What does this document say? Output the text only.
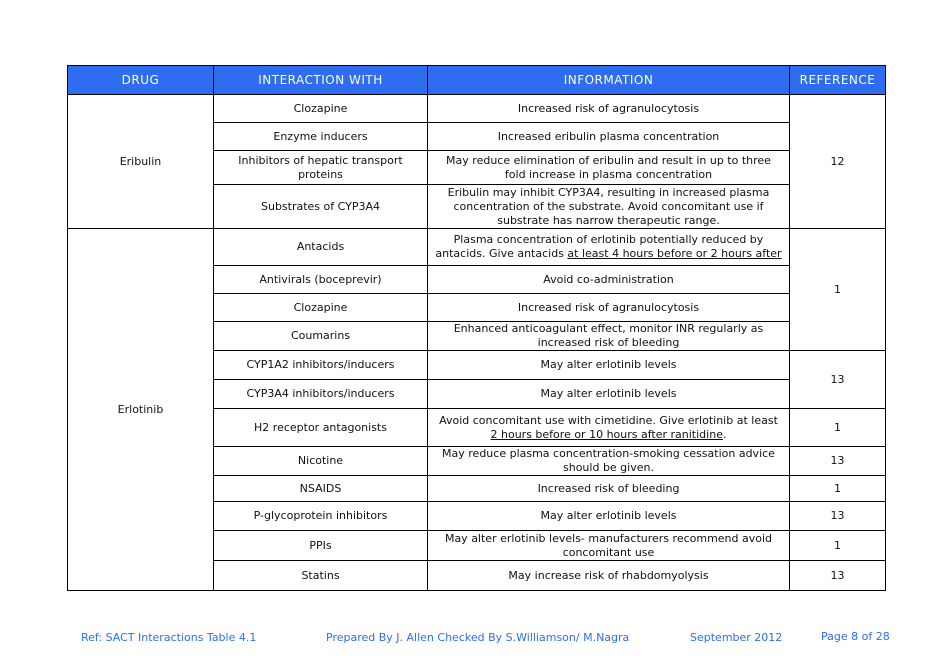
DRUG	INTERACTION WITH	INFORMATION	REFERENCE
Eribulin	Clozapine	Increased risk of agranulocytosis	12
	Enzyme inducers	Increased eribulin plasma concentration	
	Inhibitors of hepatic transport proteins	May reduce elimination of eribulin and result in up to three fold increase in plasma concentration	
	Substrates of CYP3A4	Eribulin may inhibit CYP3A4, resulting in increased plasma concentration of the substrate. Avoid concomitant use if substrate has narrow therapeutic range.	
Erlotinib	Antacids	Plasma concentration of erlotinib potentially reduced by antacids. Give antacids at least 4 hours before or 2 hours after	1
	Antivirals (boceprevir)	Avoid co-administration	
	Clozapine	Increased risk of agranulocytosis	
	Coumarins	Enhanced anticoagulant effect, monitor INR regularly as increased risk of bleeding	
	CYP1A2 inhibitors/inducers	May alter erlotinib levels	13
	CYP3A4 inhibitors/inducers	May alter erlotinib levels	
	H2 receptor antagonists	Avoid concomitant use with cimetidine. Give erlotinib at least 2 hours before or 10 hours after ranitidine.	1
	Nicotine	May reduce plasma concentration-smoking cessation advice should be given.	13
	NSAIDS	Increased risk of bleeding	1
	P-glycoprotein inhibitors	May alter erlotinib levels	13
	PPIs	May alter erlotinib levels- manufacturers recommend avoid concomitant use	1
	Statins	May increase risk of rhabdomyolysis	13
Ref: SACT Interactions Table 4.1	Prepared By J. Allen Checked By S.Williamson/ M.Nagra	September 2012	Page 8 of 28
